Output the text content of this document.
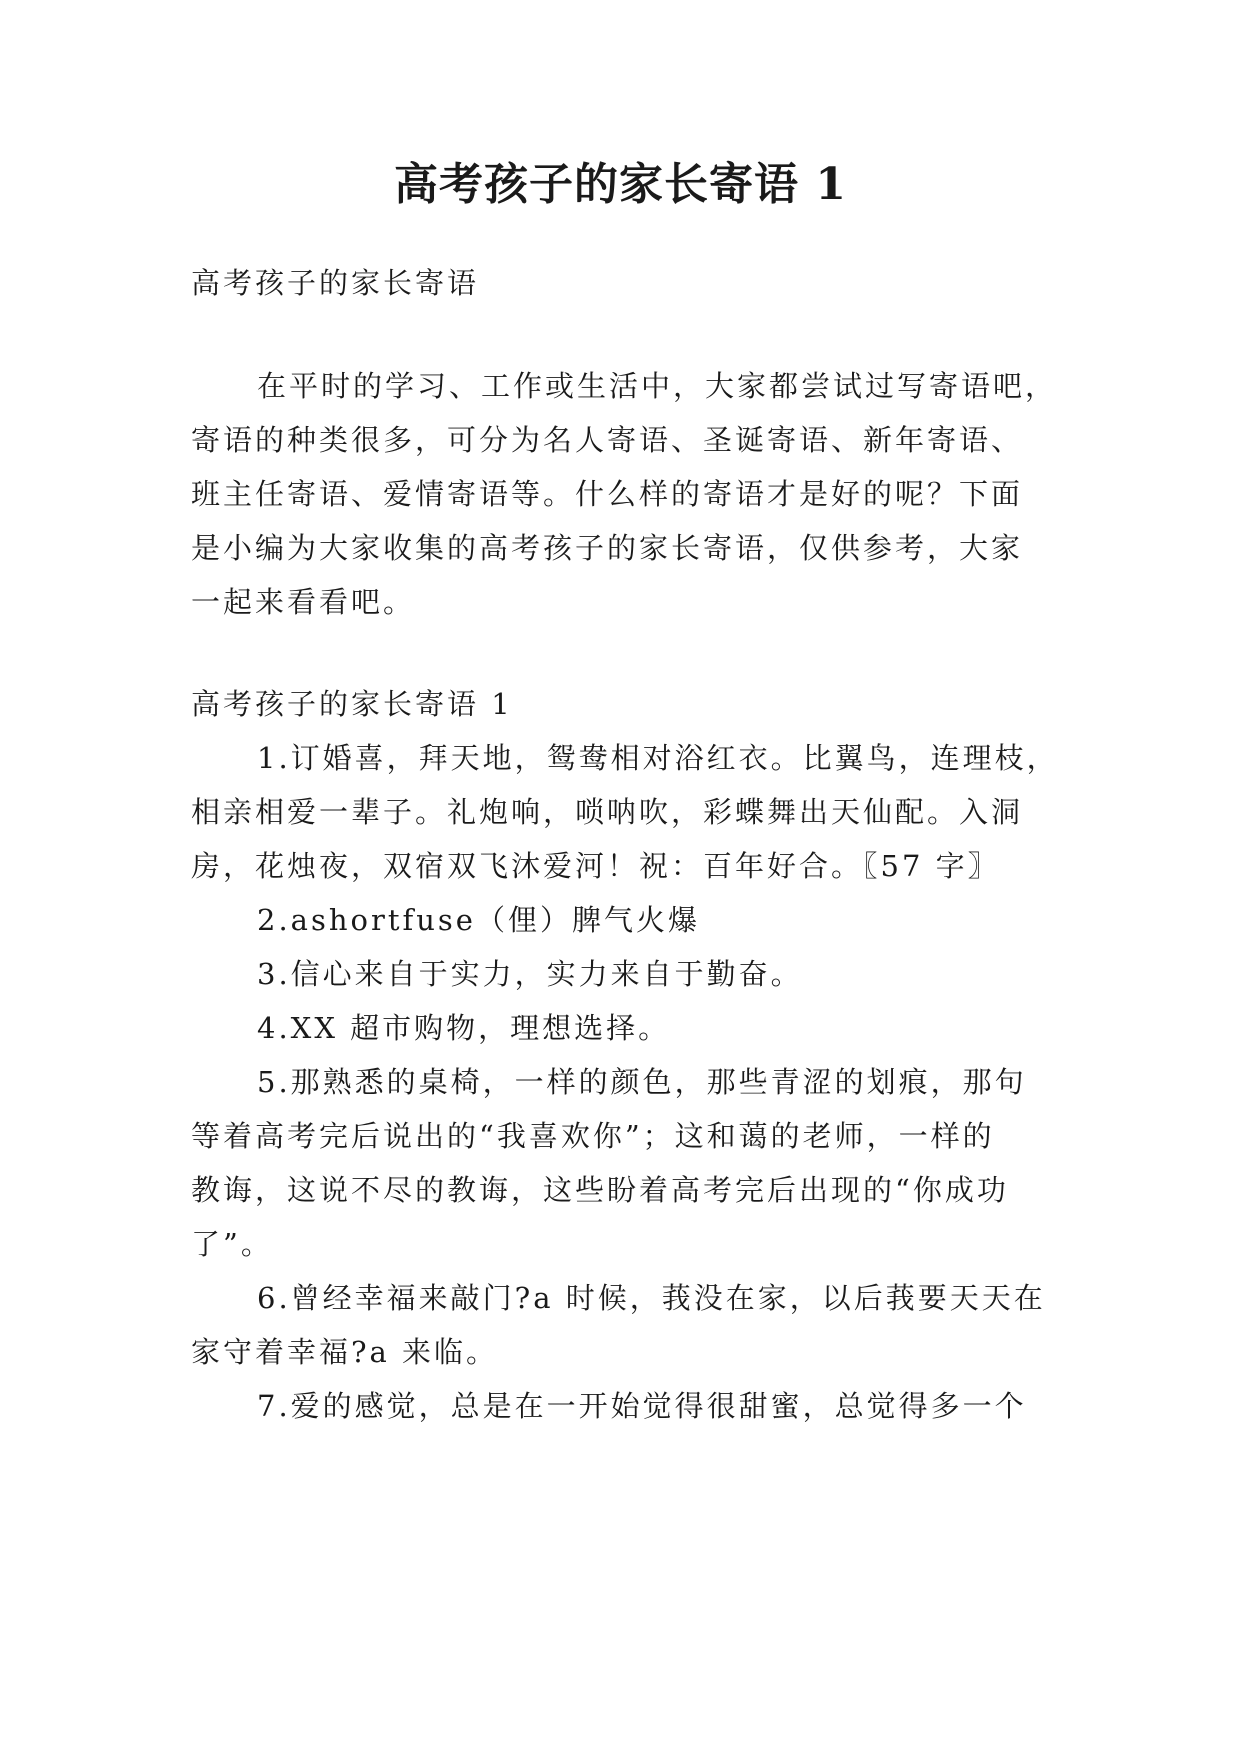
高考孩子的家长寄语 1
高考孩子的家长寄语
在平时的学习、工作或生活中，大家都尝试过写寄语吧，
寄语的种类很多，可分为名人寄语、圣诞寄语、新年寄语、
班主任寄语、爱情寄语等。什么样的寄语才是好的呢？下面
是小编为大家收集的高考孩子的家长寄语，仅供参考，大家
一起来看看吧。
高考孩子的家长寄语 1
1.订婚喜，拜天地，鸳鸯相对浴红衣。比翼鸟，连理枝，
相亲相爱一辈子。礼炮响，唢呐吹，彩蝶舞出天仙配。入洞
房，花烛夜，双宿双飞沐爱河！祝：百年好合。〖57 字〗
2.ashortfuse（俚）脾气火爆
3.信心来自于实力，实力来自于勤奋。
4.XX 超市购物，理想选择。
5.那熟悉的桌椅，一样的颜色，那些青涩的划痕，那句
等着高考完后说出的“我喜欢你”；这和蔼的老师，一样的
教诲，这说不尽的教诲，这些盼着高考完后出现的“你成功
了”。
6.曾经幸福来敲门?a 时候，莪没在家，以后莪要天天在
家守着幸福?a 来临。
7.爱的感觉，总是在一开始觉得很甜蜜，总觉得多一个
